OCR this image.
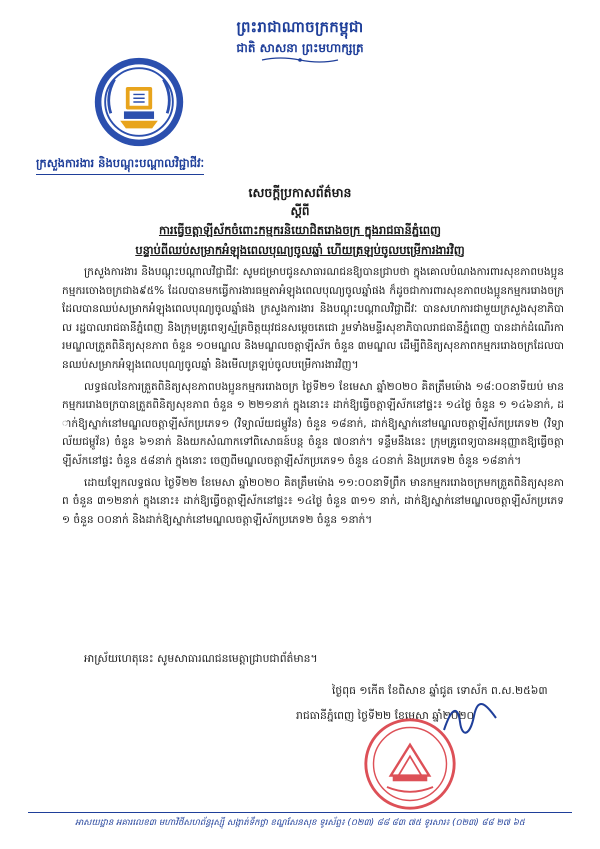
ព្រះរាជាណាចក្រកម្ពុជា
ជាតិ សាសនា ព្រះមហាក្សត្រ
ក្រសួងការងារ និងបណ្តុះបណ្តាលវិជ្ជាជីវៈ
សេចក្ដីប្រកាសព័ត៌មាន
ស្ដីពី
ការធ្វើចត្តាឡីស័កចំពោះកម្មករនិយោជិតរោងចក្រ ក្នុងរាជធានីភ្នំពេញ
បន្ទាប់ពីឈប់សម្រាកអំឡុងពេលបុណ្យចូលឆ្នាំ ហើយត្រឡប់ចូលបម្រើការងារវិញ

ក្រសួងការងារ និងបណ្តុះបណ្តាលវិជ្ជាជីវៈ សូមជម្រាបជូនសាធារណជនឱ្យបានជ្រាបថា ក្នុងគោលបំណងការពារសុខភាពបងប្អូនកម្មករចោងចក្រជាង៩៥% ដែលបានមកធ្វើការងារធម្មតាអំឡុងពេលបុណ្យចូលឆ្នាំផង ក៏ដូចជាការពារសុខភាពបងប្អូនកម្មកររោងចក្រ ដែលបានឈប់សម្រាកអំឡុងពេលបុណ្យចូលឆ្នាំផង ក្រសួងការងារ និងបណ្តុះបណ្តាលវិជ្ជាជីវៈ បានសហការជាមួយក្រសួងសុខាភិបាល រដ្ឋបាលរាជធានីភ្នំពេញ និងក្រុមគ្រូពេទ្យស្ម័គ្រចិត្តយុវជនសម្ដេចតេជោ រួមទាំងមន្ទីរសុខាភិបាលរាជធានីភ្នំពេញ បានដាក់ដំណើរការមណ្ឌលត្រួតពិនិត្យសុខភាព ចំនួន ១០មណ្ឌល និងមណ្ឌលចត្តាឡីស័ក ចំនួន ៣មណ្ឌល ដើម្បីពិនិត្យសុខភាពកម្មកររោងចក្រដែលបានឈប់សម្រាកអំឡុងពេលបុណ្យចូលឆ្នាំ និងមើលត្រឡប់ចូលបម្រើការងារវិញ។

លទ្ធផលនៃការត្រួតពិនិត្យសុខភាពបងប្អូនកម្មកររោងចក្រ ថ្ងៃទី២១ ខែមេសា ឆ្នាំ២០២០ គិតត្រឹមម៉ោង ១៨:០០នាទីយប់ មានកម្មកររោងចក្របានត្រួតពិនិត្យសុខភាព ចំនួន ១ ២២១នាក់ ក្នុងនោះ៖ ដាក់ឱ្យធ្វើចត្តាឡីស័កនៅផ្ទះ៖ ១៤ថ្ងៃ ចំនួន ១ ១៤៦នាក់, ដាក់ឱ្យស្នាក់នៅមណ្ឌលចត្តាឡីស័កប្រភេទ១ (វិទ្យាល័យជម្ពូវ័ន) ចំនួន ១៨នាក់, ដាក់ឱ្យស្នាក់នៅមណ្ឌលចត្តាឡីស័កប្រភេទ២ (វិទ្យាល័យជម្ពូវ័ន) ចំនួន ៦១នាក់ និងយកសំណាកទៅពិសោធន៍បន្ត ចំនួន ៧០នាក់។ ទន្ទឹមនឹងនេះ ក្រុមគ្រូពេទ្យបានអនុញ្ញាតឱ្យធ្វើចត្តាឡីស័កនៅផ្ទះ ចំនួន ៥៨នាក់ ក្នុងនោះ ចេញពីមណ្ឌលចត្តាឡីស័កប្រភេទ១ ចំនួន ៤០នាក់ និងប្រភេទ២ ចំនួន ១៨នាក់។

ដោយឡែកលទ្ធផល ថ្ងៃទី២២ ខែមេសា ឆ្នាំ២០២០ គិតត្រឹមម៉ោង ១១:០០នាទីព្រឹក មានកម្មកររោងចក្រមកត្រួតពិនិត្យសុខភាព ចំនួន ៣១២នាក់ ក្នុងនោះ៖ ដាក់ឱ្យធ្វើចត្តាឡីស័កនៅផ្ទះ៖ ១៤ថ្ងៃ ចំនួន ៣១១ នាក់, ដាក់ឱ្យស្នាក់នៅមណ្ឌលចត្តាឡីស័កប្រភេទ១ ចំនួន ០០នាក់ និងដាក់ឱ្យស្នាក់នៅមណ្ឌលចត្តាឡីស័កប្រភេទ២ ចំនួន ១នាក់។

អាស្រ័យហេតុនេះ សូមសាធារណជនមេត្តាជ្រាបជាព័ត៌មាន។
ថ្ងៃពុធ ១កើត ខែពិសាខ ឆ្នាំជូត ទោស័ក ព.ស.២៥៦៣
រាជធានីភ្នំពេញ ថ្ងៃទី២២ ខែមេសា ឆ្នាំ២០២០
អាសយដ្ឋាន អគារលេខ៣ មហាវិថីសហព័ន្ធរុស្ស៊ី សង្កាត់ទឹកថ្លា ខណ្ឌសែនសុខ ទូរស័ព្ទ៖ (០២៣) ៨៨ ៨៣ ៧៥ ទូរសារ៖ (០២៣) ៨៨ ២៧ ៦៥
